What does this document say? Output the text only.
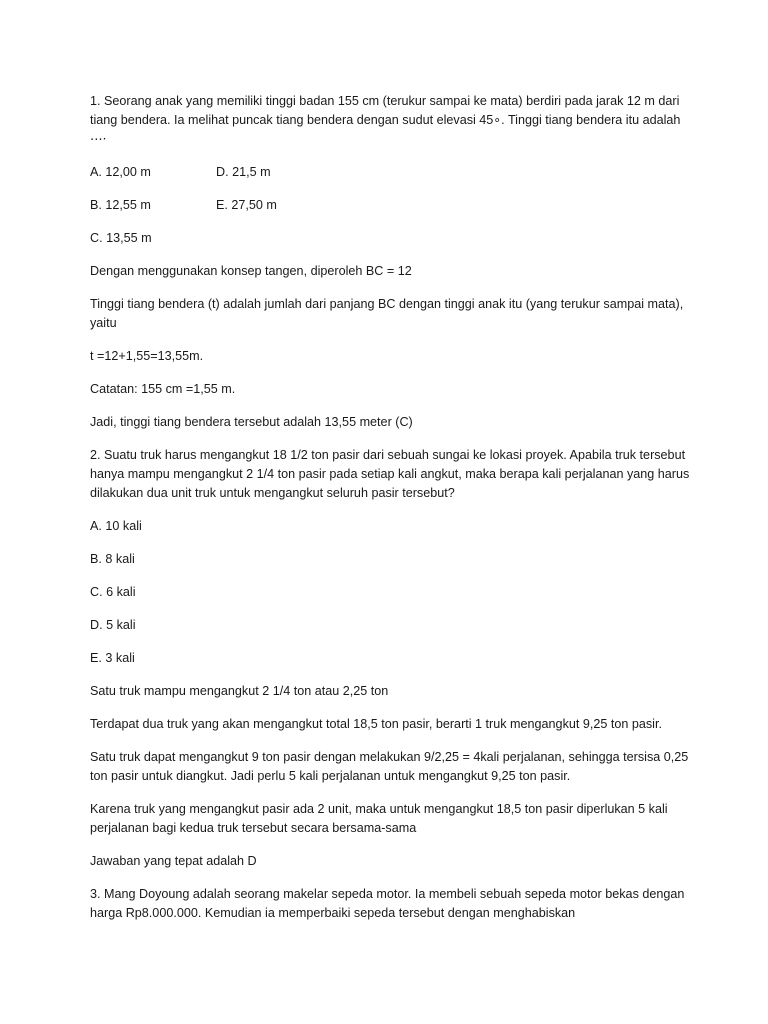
1. Seorang anak yang memiliki tinggi badan 155 cm (terukur sampai ke mata) berdiri pada jarak 12 m dari tiang bendera. Ia melihat puncak tiang bendera dengan sudut elevasi 45∘. Tinggi tiang bendera itu adalah ⋯⋅

A. 12,00 m	D. 21,5 m
B. 12,55 m	E. 27,50 m

C. 13,55 m

Dengan menggunakan konsep tangen, diperoleh BC = 12

Tinggi tiang bendera (t) adalah jumlah dari panjang BC dengan tinggi anak itu (yang terukur sampai mata), yaitu

t =12+1,55=13,55m.

Catatan: 155 cm =1,55 m.

Jadi, tinggi tiang bendera tersebut adalah 13,55 meter (C)

2. Suatu truk harus mengangkut 18 1/2 ton pasir dari sebuah sungai ke lokasi proyek. Apabila truk tersebut hanya mampu mengangkut 2 1/4 ton pasir pada setiap kali angkut, maka berapa kali perjalanan yang harus dilakukan dua unit truk untuk mengangkut seluruh pasir tersebut?

A. 10 kali

B. 8 kali

C. 6 kali

D. 5 kali

E. 3 kali

Satu truk mampu mengangkut 2 1/4 ton atau 2,25 ton

Terdapat dua truk yang akan mengangkut total 18,5 ton pasir, berarti 1 truk mengangkut 9,25 ton pasir.

Satu truk dapat mengangkut 9 ton pasir dengan melakukan 9/2,25 = 4kali perjalanan, sehingga tersisa 0,25 ton pasir untuk diangkut. Jadi perlu 5 kali perjalanan untuk mengangkut 9,25 ton pasir.

Karena truk yang mengangkut pasir ada 2 unit, maka untuk mengangkut 18,5 ton pasir diperlukan 5 kali perjalanan bagi kedua truk tersebut secara bersama-sama

Jawaban yang tepat adalah D

3. Mang Doyoung adalah seorang makelar sepeda motor. Ia membeli sebuah sepeda motor bekas dengan harga Rp8.000.000. Kemudian ia memperbaiki sepeda tersebut dengan menghabiskan
